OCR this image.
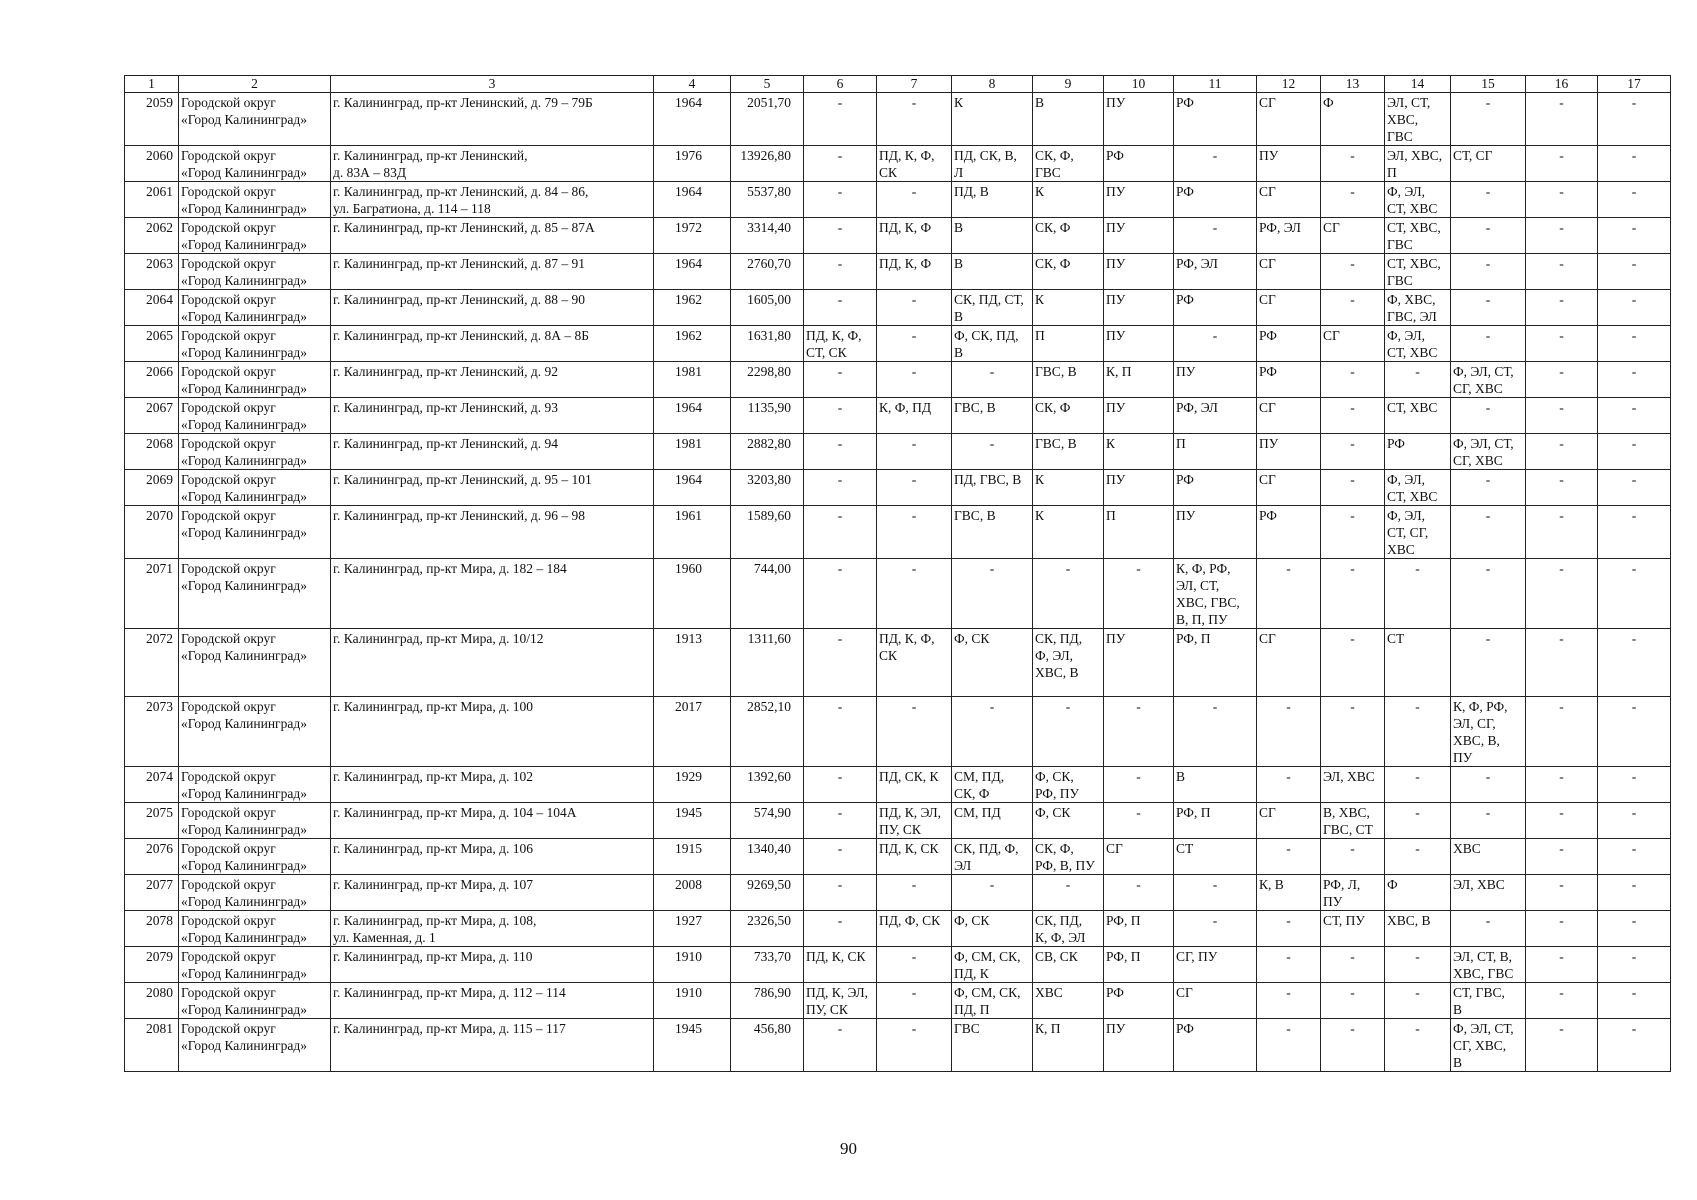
1	2	3	4	5	6	7	8	9	10	11	12	13	14	15	16	17
2059	Городской округ
«Город Калининград»	г. Калининград, пр-кт Ленинский, д. 79 – 79Б	1964	2051,70	-	-	К	В	ПУ	РФ	СГ	Ф	ЭЛ, СТ,
ХВС,
ГВС	-	-	-
2060	Городской округ
«Город Калининград»	г. Калининград, пр-кт Ленинский,
д. 83А – 83Д	1976	13926,80	-	ПД, К, Ф,
СК	ПД, СК, В,
Л	СК, Ф,
ГВС	РФ	-	ПУ	-	ЭЛ, ХВС,
П	СТ, СГ	-	-
2061	Городской округ
«Город Калининград»	г. Калининград, пр-кт Ленинский, д. 84 – 86,
ул. Багратиона, д. 114 – 118	1964	5537,80	-	-	ПД, В	К	ПУ	РФ	СГ	-	Ф, ЭЛ,
СТ, ХВС	-	-	-
2062	Городской округ
«Город Калининград»	г. Калининград, пр-кт Ленинский, д. 85 – 87А	1972	3314,40	-	ПД, К, Ф	В	СК, Ф	ПУ	-	РФ, ЭЛ	СГ	СТ, ХВС,
ГВС	-	-	-
2063	Городской округ
«Город Калининград»	г. Калининград, пр-кт Ленинский, д. 87 – 91	1964	2760,70	-	ПД, К, Ф	В	СК, Ф	ПУ	РФ, ЭЛ	СГ	-	СТ, ХВС,
ГВС	-	-	-
2064	Городской округ
«Город Калининград»	г. Калининград, пр-кт Ленинский, д. 88 – 90	1962	1605,00	-	-	СК, ПД, СТ,
В	К	ПУ	РФ	СГ	-	Ф, ХВС,
ГВС, ЭЛ	-	-	-
2065	Городской округ
«Город Калининград»	г. Калининград, пр-кт Ленинский, д. 8А – 8Б	1962	1631,80	ПД, К, Ф,
СТ, СК	-	Ф, СК, ПД,
В	П	ПУ	-	РФ	СГ	Ф, ЭЛ,
СТ, ХВС	-	-	-
2066	Городской округ
«Город Калининград»	г. Калининград, пр-кт Ленинский, д. 92	1981	2298,80	-	-	-	ГВС, В	К, П	ПУ	РФ	-	-	Ф, ЭЛ, СТ,
СГ, ХВС	-	-
2067	Городской округ
«Город Калининград»	г. Калининград, пр-кт Ленинский, д. 93	1964	1135,90	-	К, Ф, ПД	ГВС, В	СК, Ф	ПУ	РФ, ЭЛ	СГ	-	СТ, ХВС	-	-	-
2068	Городской округ
«Город Калининград»	г. Калининград, пр-кт Ленинский, д. 94	1981	2882,80	-	-	-	ГВС, В	К	П	ПУ	-	РФ	Ф, ЭЛ, СТ,
СГ, ХВС	-	-
2069	Городской округ
«Город Калининград»	г. Калининград, пр-кт Ленинский, д. 95 – 101	1964	3203,80	-	-	ПД, ГВС, В	К	ПУ	РФ	СГ	-	Ф, ЭЛ,
СТ, ХВС	-	-	-
2070	Городской округ
«Город Калининград»	г. Калининград, пр-кт Ленинский, д. 96 – 98	1961	1589,60	-	-	ГВС, В	К	П	ПУ	РФ	-	Ф, ЭЛ,
СТ, СГ,
ХВС	-	-	-
2071	Городской округ
«Город Калининград»	г. Калининград, пр-кт Мира, д. 182 – 184	1960	744,00	-	-	-	-	-	К, Ф, РФ,
ЭЛ, СТ,
ХВС, ГВС,
В, П, ПУ	-	-	-	-	-	-
2072	Городской округ
«Город Калининград»	г. Калининград, пр-кт Мира, д. 10/12	1913	1311,60	-	ПД, К, Ф,
СК	Ф, СК	СК, ПД,
Ф, ЭЛ,
ХВС, В	ПУ	РФ, П	СГ	-	СТ	-	-	-
2073	Городской округ
«Город Калининград»	г. Калининград, пр-кт Мира, д. 100	2017	2852,10	-	-	-	-	-	-	-	-	-	К, Ф, РФ,
ЭЛ, СГ,
ХВС, В,
ПУ	-	-
2074	Городской округ
«Город Калининград»	г. Калининград, пр-кт Мира, д. 102	1929	1392,60	-	ПД, СК, К	СМ, ПД,
СК, Ф	Ф, СК,
РФ, ПУ	-	В	-	ЭЛ, ХВС	-	-	-	-
2075	Городской округ
«Город Калининград»	г. Калининград, пр-кт Мира, д. 104 – 104А	1945	574,90	-	ПД, К, ЭЛ,
ПУ, СК	СМ, ПД	Ф, СК	-	РФ, П	СГ	В, ХВС,
ГВС, СТ	-	-	-	-
2076	Городской округ
«Город Калининград»	г. Калининград, пр-кт Мира, д. 106	1915	1340,40	-	ПД, К, СК	СК, ПД, Ф,
ЭЛ	СК, Ф,
РФ, В, ПУ	СГ	СТ	-	-	-	ХВС	-	-
2077	Городской округ
«Город Калининград»	г. Калининград, пр-кт Мира, д. 107	2008	9269,50	-	-	-	-	-	-	К, В	РФ, Л,
ПУ	Ф	ЭЛ, ХВС	-	-
2078	Городской округ
«Город Калининград»	г. Калининград, пр-кт Мира, д. 108,
ул. Каменная, д. 1	1927	2326,50	-	ПД, Ф, СК	Ф, СК	СК, ПД,
К, Ф, ЭЛ	РФ, П	-	-	СТ, ПУ	ХВС, В	-	-	-
2079	Городской округ
«Город Калининград»	г. Калининград, пр-кт Мира, д. 110	1910	733,70	ПД, К, СК	-	Ф, СМ, СК,
ПД, К	СВ, СК	РФ, П	СГ, ПУ	-	-	-	ЭЛ, СТ, В,
ХВС, ГВС	-	-
2080	Городской округ
«Город Калининград»	г. Калининград, пр-кт Мира, д. 112 – 114	1910	786,90	ПД, К, ЭЛ,
ПУ, СК	-	Ф, СМ, СК,
ПД, П	ХВС	РФ	СГ	-	-	-	СТ, ГВС,
В	-	-
2081	Городской округ
«Город Калининград»	г. Калининград, пр-кт Мира, д. 115 – 117	1945	456,80	-	-	ГВС	К, П	ПУ	РФ	-	-	-	Ф, ЭЛ, СТ,
СГ, ХВС,
В	-	-
90
